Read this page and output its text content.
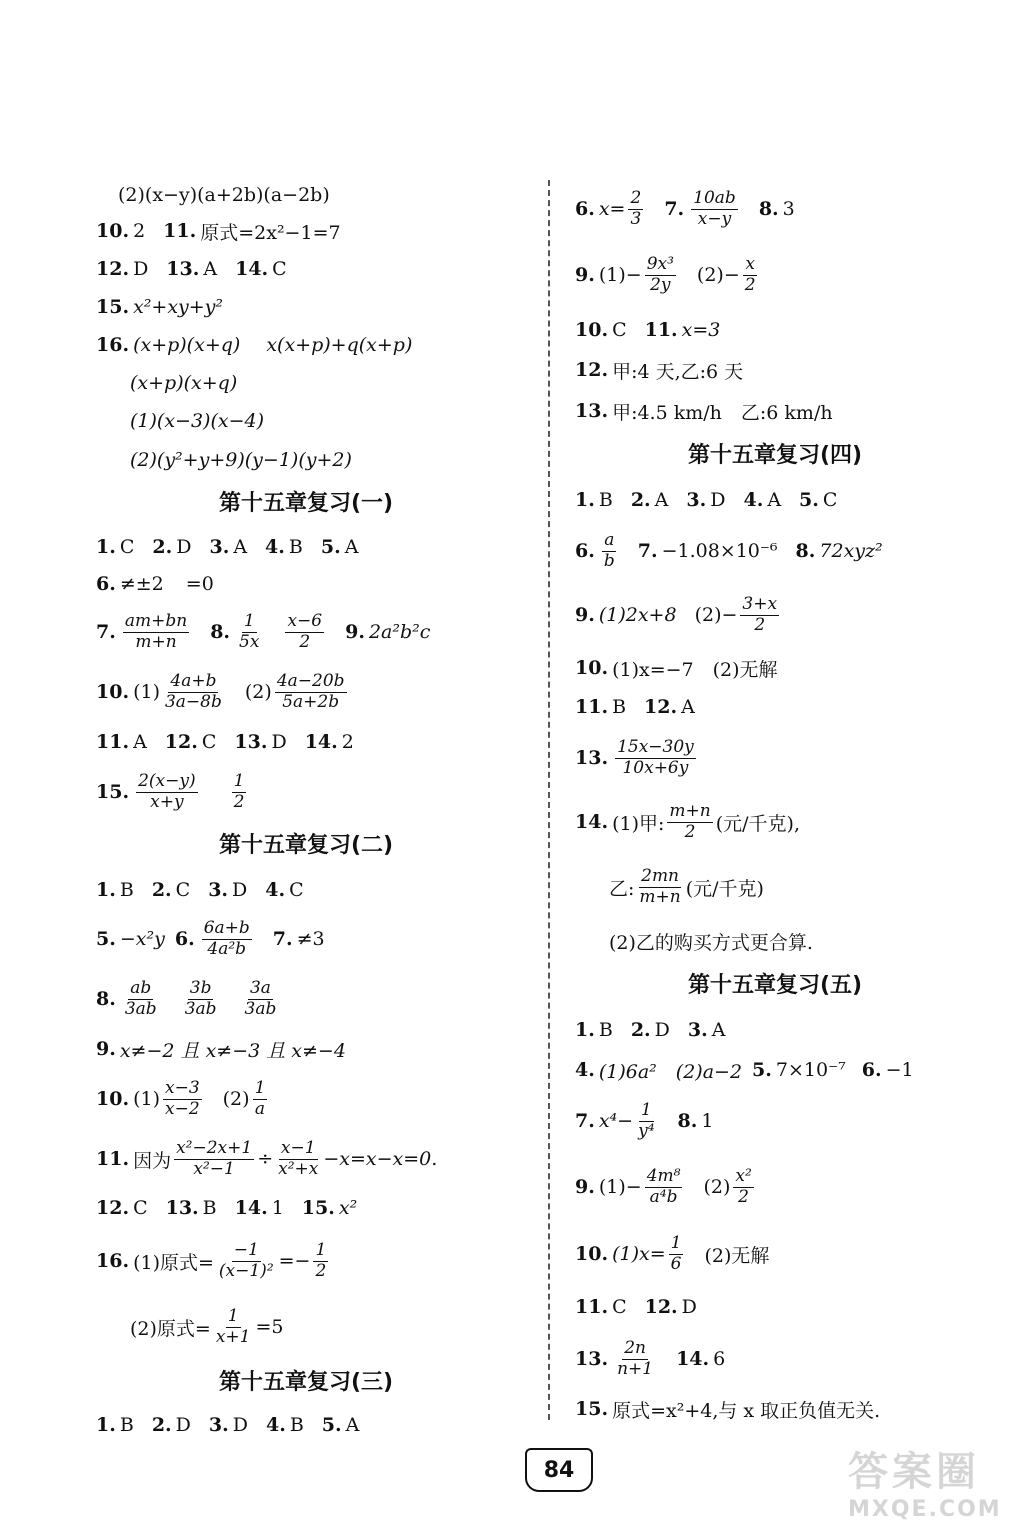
(2)(x−y)(a+2b)(a−2b)
10. 2 11. 原式=2x²−1=7
12. D 13. A 14. C
15. x²+xy+y²
16. (x+p)(x+q) x(x+p)+q(x+p)
(x+p)(x+q)
(1)(x−3)(x−4)
(2)(y²+y+9)(y−1)(y+2)
第十五章复习(一)
1. C 2. D 3. A 4. B 5. A
6. ≠±2 =0
7. $\frac{am+bn}{m+n} 8$. $\frac{1}{5x} \frac{x-6}{2} 9$. 2a²b²c
10. $(1) \frac{4a+b}{3a-8b} (2) \frac{4a-20b}{5a+2b}$
11. A 12. C 13. D 14. 2
15. $\frac{2(x-y)}{x+y} \frac{1}{2}$
第十五章复习(二)
1. B 2. C 3. D 4. C
5. −x²y 6. $\frac{6a+b}{\text{4a²b}} 7$. ≠3
8. $\frac{ab}{3ab} \frac{3b}{3ab} \frac{3a}{3ab}$
9. x≠−2 且 x≠−3 且 x≠−4
10. $(1) \frac{x-3}{x-2} (2) \frac{1}{a}$
11. 因为 $\frac{\text{x²−2x+1}}{\text{x²−1}} \div \frac{x-1}{\text{x²+x}} -x=x-x=0$.
12. C 13. B 14. 1 15. x²
16. (1)原式= $\frac{-1}{\text{(x−1)²}} =- \frac{1}{2}$
(2)原式= $\frac{1}{x+1} =5$
第十五章复习(三)
1. B 2. D 3. D 4. B 5. A
6. $x= \frac{2}{3} 7$. $\frac{10ab}{x-y} 8$. 3
9. $(1)- \frac{\text{9x³}}{2y} (2)- \frac{x}{2}$
10. C 11. x=3
12. 甲:4 天,乙:6 天
13. 甲:4.5 km/h　乙:6 km/h
第十五章复习(四)
1. B 2. A 3. D 4. A 5. C
6. $\frac{a}{b} 7$. −1.08×10⁻⁶ 8. 72xyz²
9. (1)2x+8 $(2)- \frac{3+x}{2}$
10. (1)x=−7　(2)无解
11. B 12. A
13. $\frac{15x-30y}{10x+6y}$
14. (1)甲: $\frac{m+n}{2}$ (元/千克),
乙: $\frac{2mn}{m+n}$ (元/千克)
(2)乙的购买方式更合算.
第十五章复习(五)
1. B 2. D 3. A
4. (1)6a²　(2)a−2 5. 7×10⁻⁷ 6. −1
7. $x^4- \frac{1}{\text{y⁴}} 8$. 1
9. $(1)- \frac{\text{4m⁸}}{\text{a⁴b}} (2) \frac{\text{x²}}{2}$
10. $(1)x= \frac{1}{6} (2)$无解
11. C 12. D
13. $\frac{2n}{n+1} 14$. 6
15. 原式=x²+4,与 x 取正负值无关.
84	答案圈
MXQE.COM
